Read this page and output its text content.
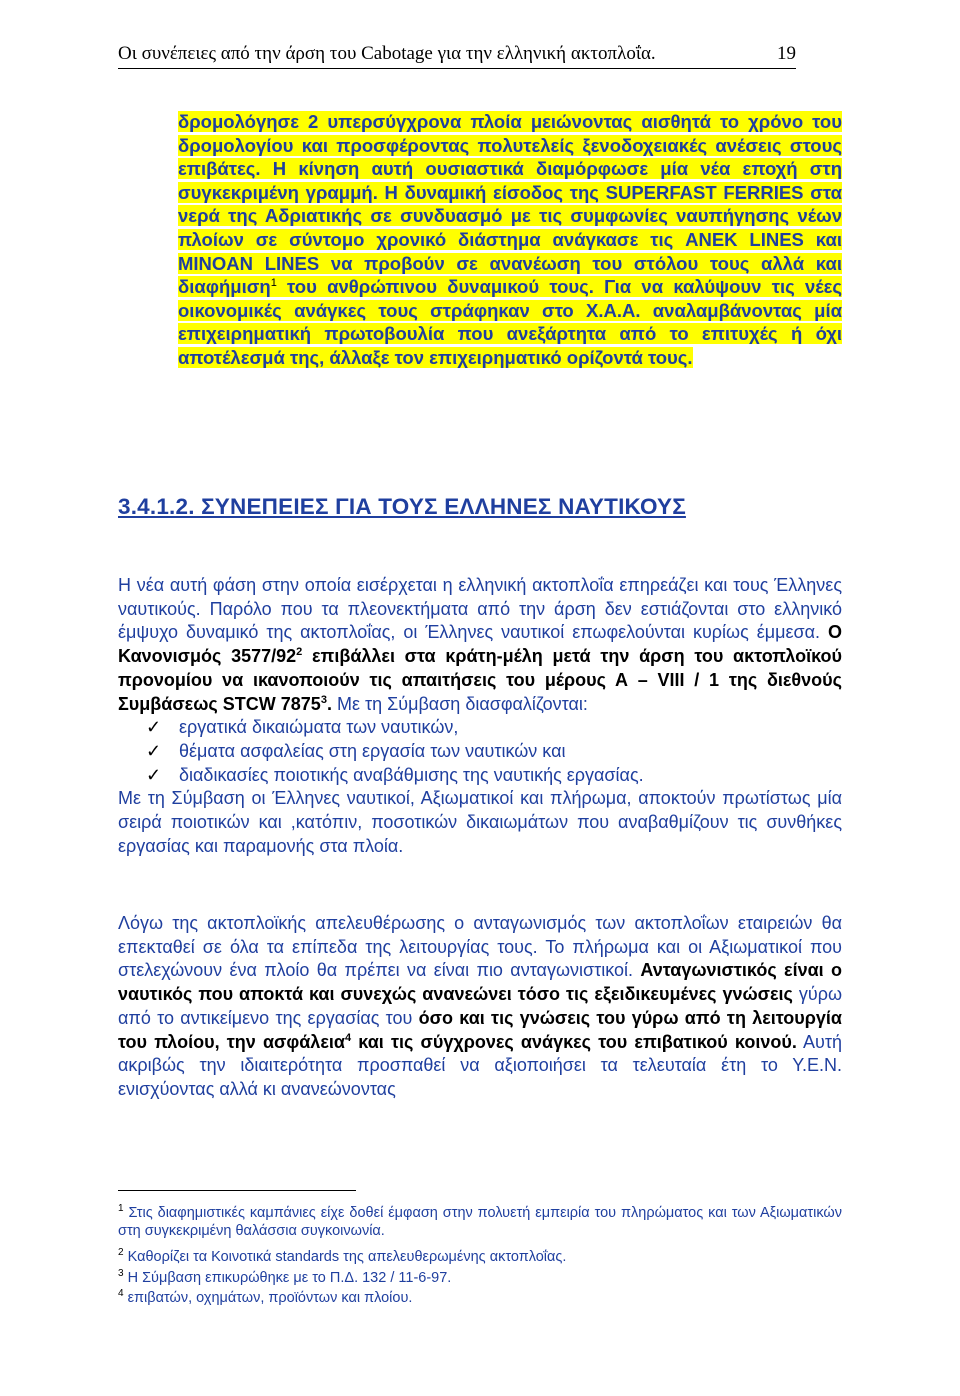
Οι συνέπειες από την άρση του Cabotage για την ελληνική ακτοπλοΐα.	19
δρομολόγησε 2 υπερσύγχρονα πλοία μειώνοντας αισθητά το χρόνο του δρομολογίου και προσφέροντας πολυτελείς ξενοδοχειακές ανέσεις στους επιβάτες. Η κίνηση αυτή ουσιαστικά διαμόρφωσε μία νέα εποχή στη συγκεκριμένη γραμμή. Η δυναμική είσοδος της SUPERFAST FERRIES στα νερά της Αδριατικής σε συνδυασμό με τις συμφωνίες ναυπήγησης νέων πλοίων σε σύντομο χρονικό διάστημα ανάγκασε τις ANEK LINES και MINOAN LINES να προβούν σε ανανέωση του στόλου τους αλλά και διαφήμιση$^1$ του ανθρώπινου δυναμικού τους. Για να καλύψουν τις νέες οικονομικές ανάγκες τους στράφηκαν στο Χ.Α.Α. αναλαμβάνοντας μία επιχειρηματική πρωτοβουλία που ανεξάρτητα από το επιτυχές ή όχι αποτέλεσμά της, άλλαξε τον επιχειρηματικό ορίζοντά τους.
3.4.1.2. ΣΥΝΕΠΕΙΕΣ ΓΙΑ ΤΟΥΣ ΕΛΛΗΝΕΣ ΝΑΥΤΙΚΟΥΣ
Η νέα αυτή φάση στην οποία εισέρχεται η ελληνική ακτοπλοΐα επηρεάζει και τους Έλληνες ναυτικούς. Παρόλο που τα πλεονεκτήματα από την άρση δεν εστιάζονται στο ελληνικό έμψυχο δυναμικό της ακτοπλοΐας, οι Έλληνες ναυτικοί επωφελούνται κυρίως έμμεσα. Ο Κανονισμός $3577/92^2$ επιβάλλει στα κράτη-μέλη μετά την άρση του ακτοπλοϊκού προνομίου να ικανοποιούν τις απαιτήσεις του μέρους Α – VIII / 1 της διεθνούς Συμβάσεως STCW 7875$^3$. Με τη Σύμβαση διασφαλίζονται:
✓ εργατικά δικαιώματα των ναυτικών,
✓ θέματα ασφαλείας στη εργασία των ναυτικών και
✓ διαδικασίες ποιοτικής αναβάθμισης της ναυτικής εργασίας.
Με τη Σύμβαση οι Έλληνες ναυτικοί, Αξιωματικοί και πλήρωμα, αποκτούν πρωτίστως μία σειρά ποιοτικών και ,κατόπιν, ποσοτικών δικαιωμάτων που αναβαθμίζουν τις συνθήκες εργασίας και παραμονής στα πλοία.
Λόγω της ακτοπλοϊκής απελευθέρωσης ο ανταγωνισμός των ακτοπλοΐων εταιρειών θα επεκταθεί σε όλα τα επίπεδα της λειτουργίας τους. Το πλήρωμα και οι Αξιωματικοί που στελεχώνουν ένα πλοίο θα πρέπει να είναι πιο ανταγωνιστικοί. Ανταγωνιστικός είναι ο ναυτικός που αποκτά και συνεχώς ανανεώνει τόσο τις εξειδικευμένες γνώσεις γύρω από το αντικείμενο της εργασίας του όσο και τις γνώσεις του γύρω από τη λειτουργία του πλοίου, την ασφάλεια$^4$ και τις σύγχρονες ανάγκες του επιβατικού κοινού. Αυτή ακριβώς την ιδιαιτερότητα προσπαθεί να αξιοποιήσει τα τελευταία έτη το Υ.Ε.Ν. ενισχύοντας αλλά κι ανανεώνοντας
$^1$ Στις διαφημιστικές καμπάνιες είχε δοθεί έμφαση στην πολυετή εμπειρία του πληρώματος και των Αξιωματικών στη συγκεκριμένη θαλάσσια συγκοινωνία.
$^2$ Καθορίζει τα Κοινοτικά standards της απελευθερωμένης ακτοπλοΐας.
$^3$ Η Σύμβαση επικυρώθηκε με το Π.Δ. 132 / 11-6-97.
$^4$ επιβατών, οχημάτων, προϊόντων και πλοίου.
